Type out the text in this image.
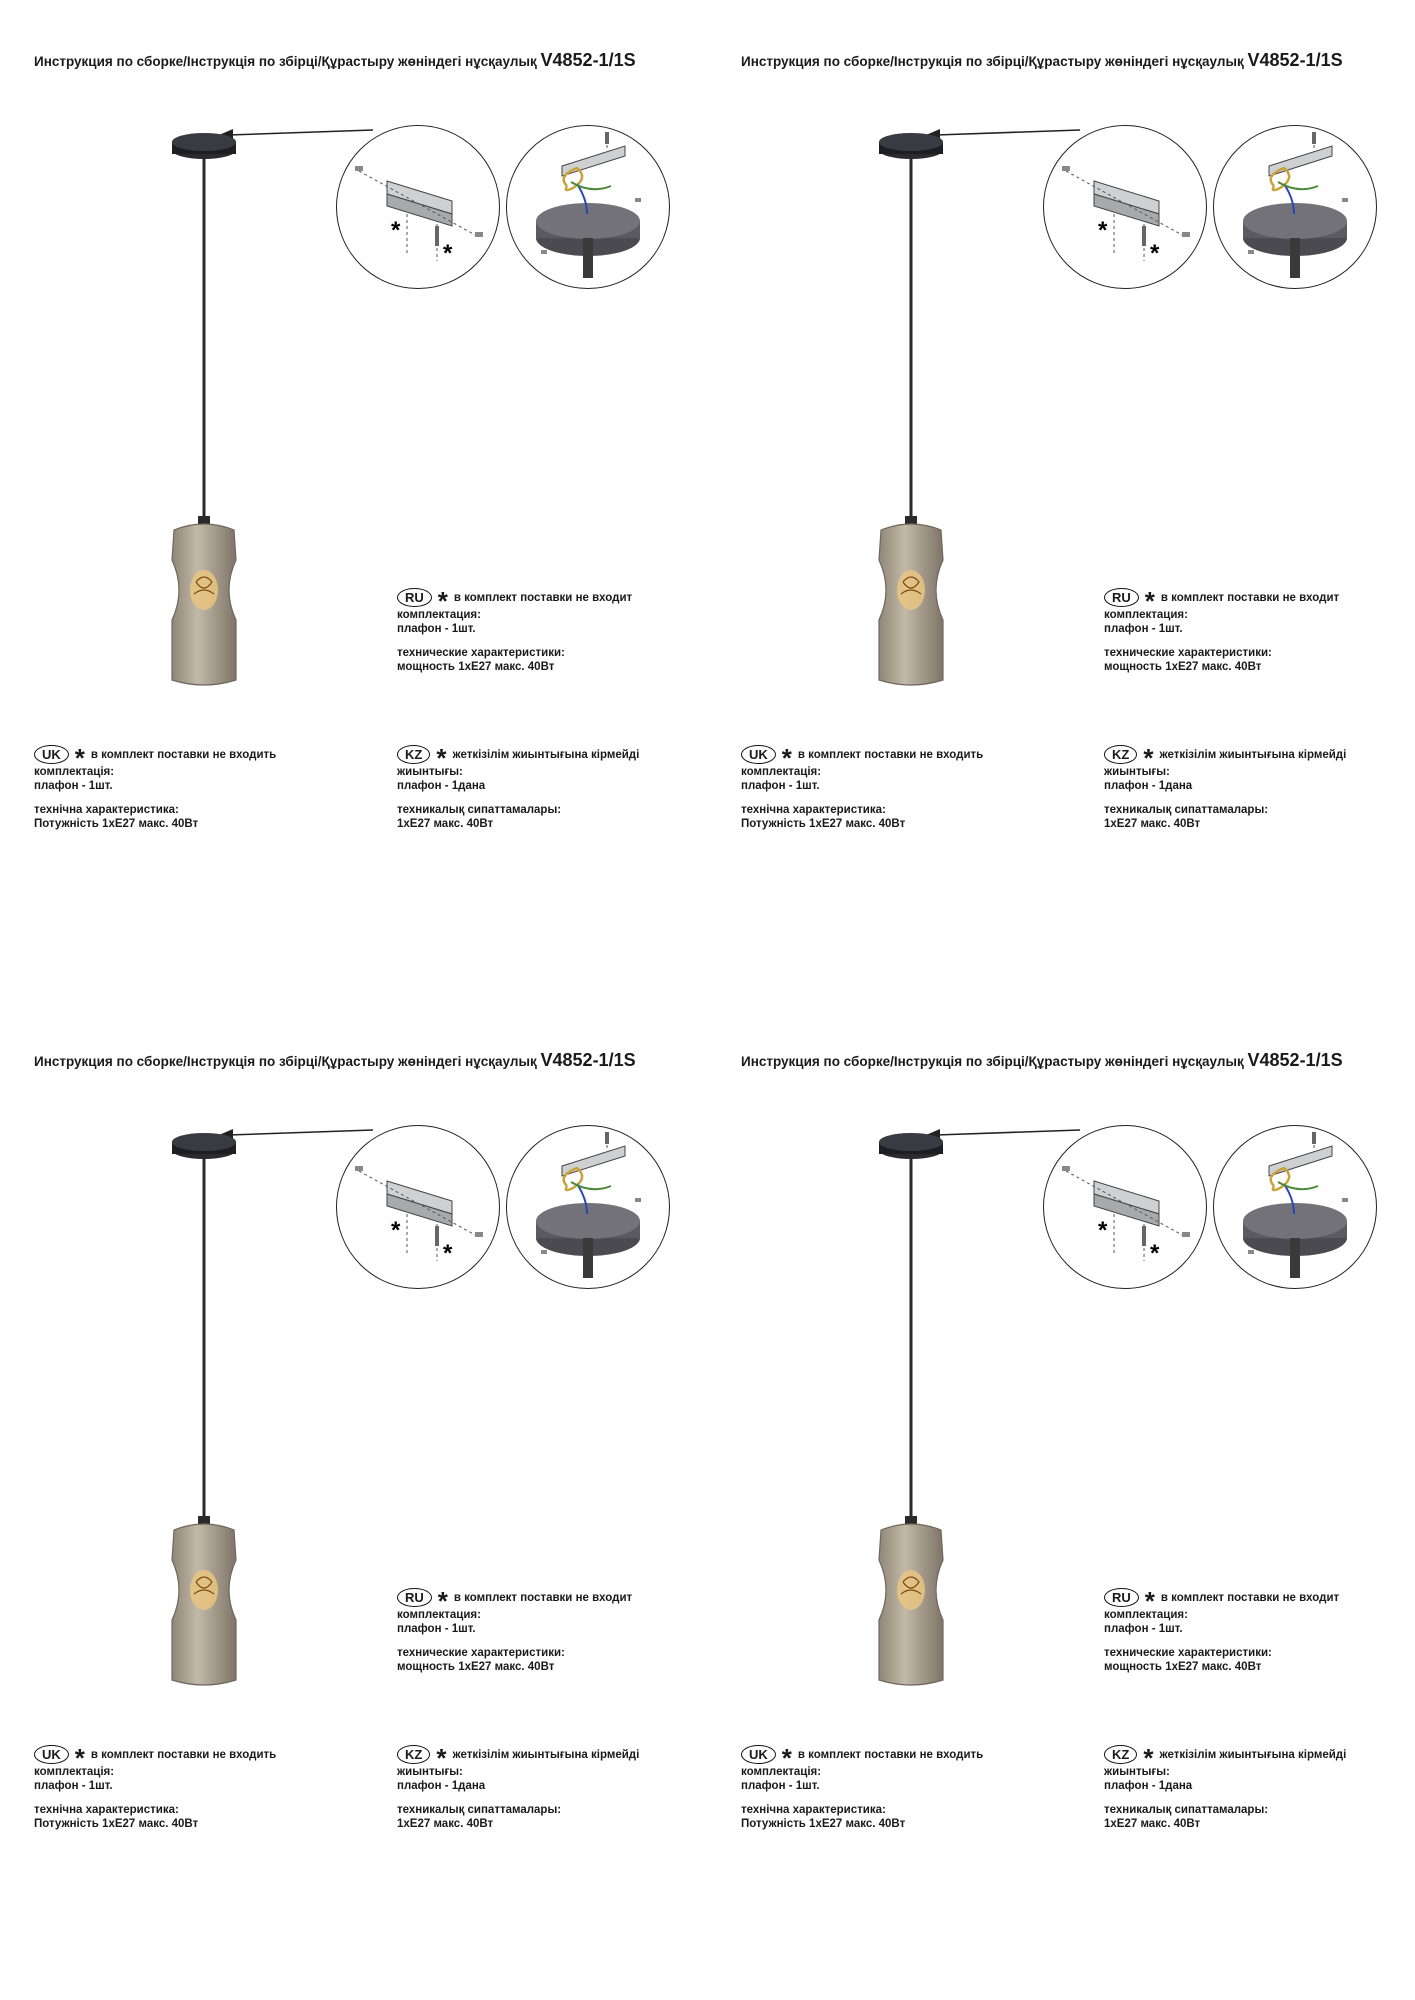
Инструкция по сборке/Інструкція по збірці/Құрастыру жөніндегі нұсқаулық V4852-1/1S
*
*
RU * в комплект поставки не входит
комплектация:
плафон - 1шт.
технические характеристики:
мощность 1хЕ27 макс. 40Вт
UK * в комплект поставки не входить
комплектація:
плафон - 1шт.
технічна характеристика:
Потужність 1хЕ27 макс. 40Вт
KZ * жеткізілім жиынтығына кірмейді
жиынтығы:
плафон - 1дана
техникалық сипаттамалары:
1хЕ27 макс. 40Вт
Инструкция по сборке/Інструкція по збірці/Құрастыру жөніндегі нұсқаулық V4852-1/1S
*
*
RU * в комплект поставки не входит
комплектация:
плафон - 1шт.
технические характеристики:
мощность 1хЕ27 макс. 40Вт
UK * в комплект поставки не входить
комплектація:
плафон - 1шт.
технічна характеристика:
Потужність 1хЕ27 макс. 40Вт
KZ * жеткізілім жиынтығына кірмейді
жиынтығы:
плафон - 1дана
техникалық сипаттамалары:
1хЕ27 макс. 40Вт
Инструкция по сборке/Інструкція по збірці/Құрастыру жөніндегі нұсқаулық V4852-1/1S
*
*
RU * в комплект поставки не входит
комплектация:
плафон - 1шт.
технические характеристики:
мощность 1хЕ27 макс. 40Вт
UK * в комплект поставки не входить
комплектація:
плафон - 1шт.
технічна характеристика:
Потужність 1хЕ27 макс. 40Вт
KZ * жеткізілім жиынтығына кірмейді
жиынтығы:
плафон - 1дана
техникалық сипаттамалары:
1хЕ27 макс. 40Вт
Инструкция по сборке/Інструкція по збірці/Құрастыру жөніндегі нұсқаулық V4852-1/1S
*
*
RU * в комплект поставки не входит
комплектация:
плафон - 1шт.
технические характеристики:
мощность 1хЕ27 макс. 40Вт
UK * в комплект поставки не входить
комплектація:
плафон - 1шт.
технічна характеристика:
Потужність 1хЕ27 макс. 40Вт
KZ * жеткізілім жиынтығына кірмейді
жиынтығы:
плафон - 1дана
техникалық сипаттамалары:
1хЕ27 макс. 40Вт
